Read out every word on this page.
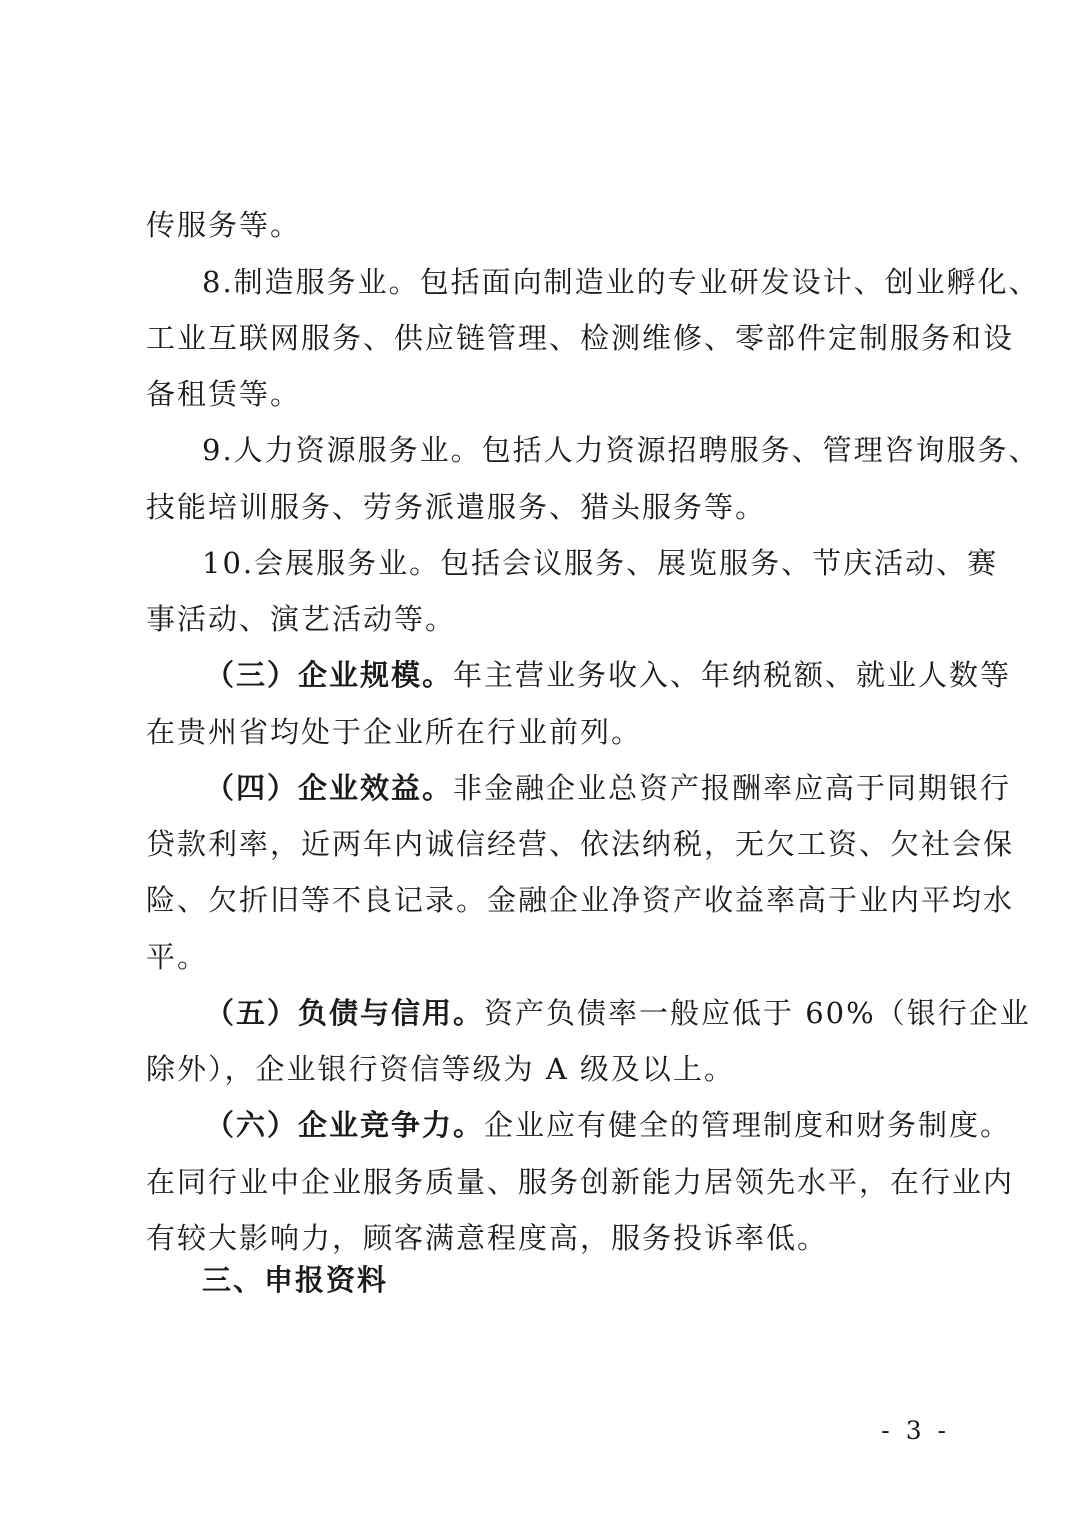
传服务等。
8.制造服务业。包括面向制造业的专业研发设计、创业孵化、
工业互联网服务、供应链管理、检测维修、零部件定制服务和设
备租赁等。
9.人力资源服务业。包括人力资源招聘服务、管理咨询服务、
技能培训服务、劳务派遣服务、猎头服务等。
10.会展服务业。包括会议服务、展览服务、节庆活动、赛
事活动、演艺活动等。
（三）企业规模。年主营业务收入、年纳税额、就业人数等
在贵州省均处于企业所在行业前列。
（四）企业效益。非金融企业总资产报酬率应高于同期银行
贷款利率，近两年内诚信经营、依法纳税，无欠工资、欠社会保
险、欠折旧等不良记录。金融企业净资产收益率高于业内平均水
平。
（五）负债与信用。资产负债率一般应低于 60%（银行企业
除外），企业银行资信等级为 A 级及以上。
（六）企业竞争力。企业应有健全的管理制度和财务制度。
在同行业中企业服务质量、服务创新能力居领先水平，在行业内
有较大影响力，顾客满意程度高，服务投诉率低。
三、申报资料
- 3 -
